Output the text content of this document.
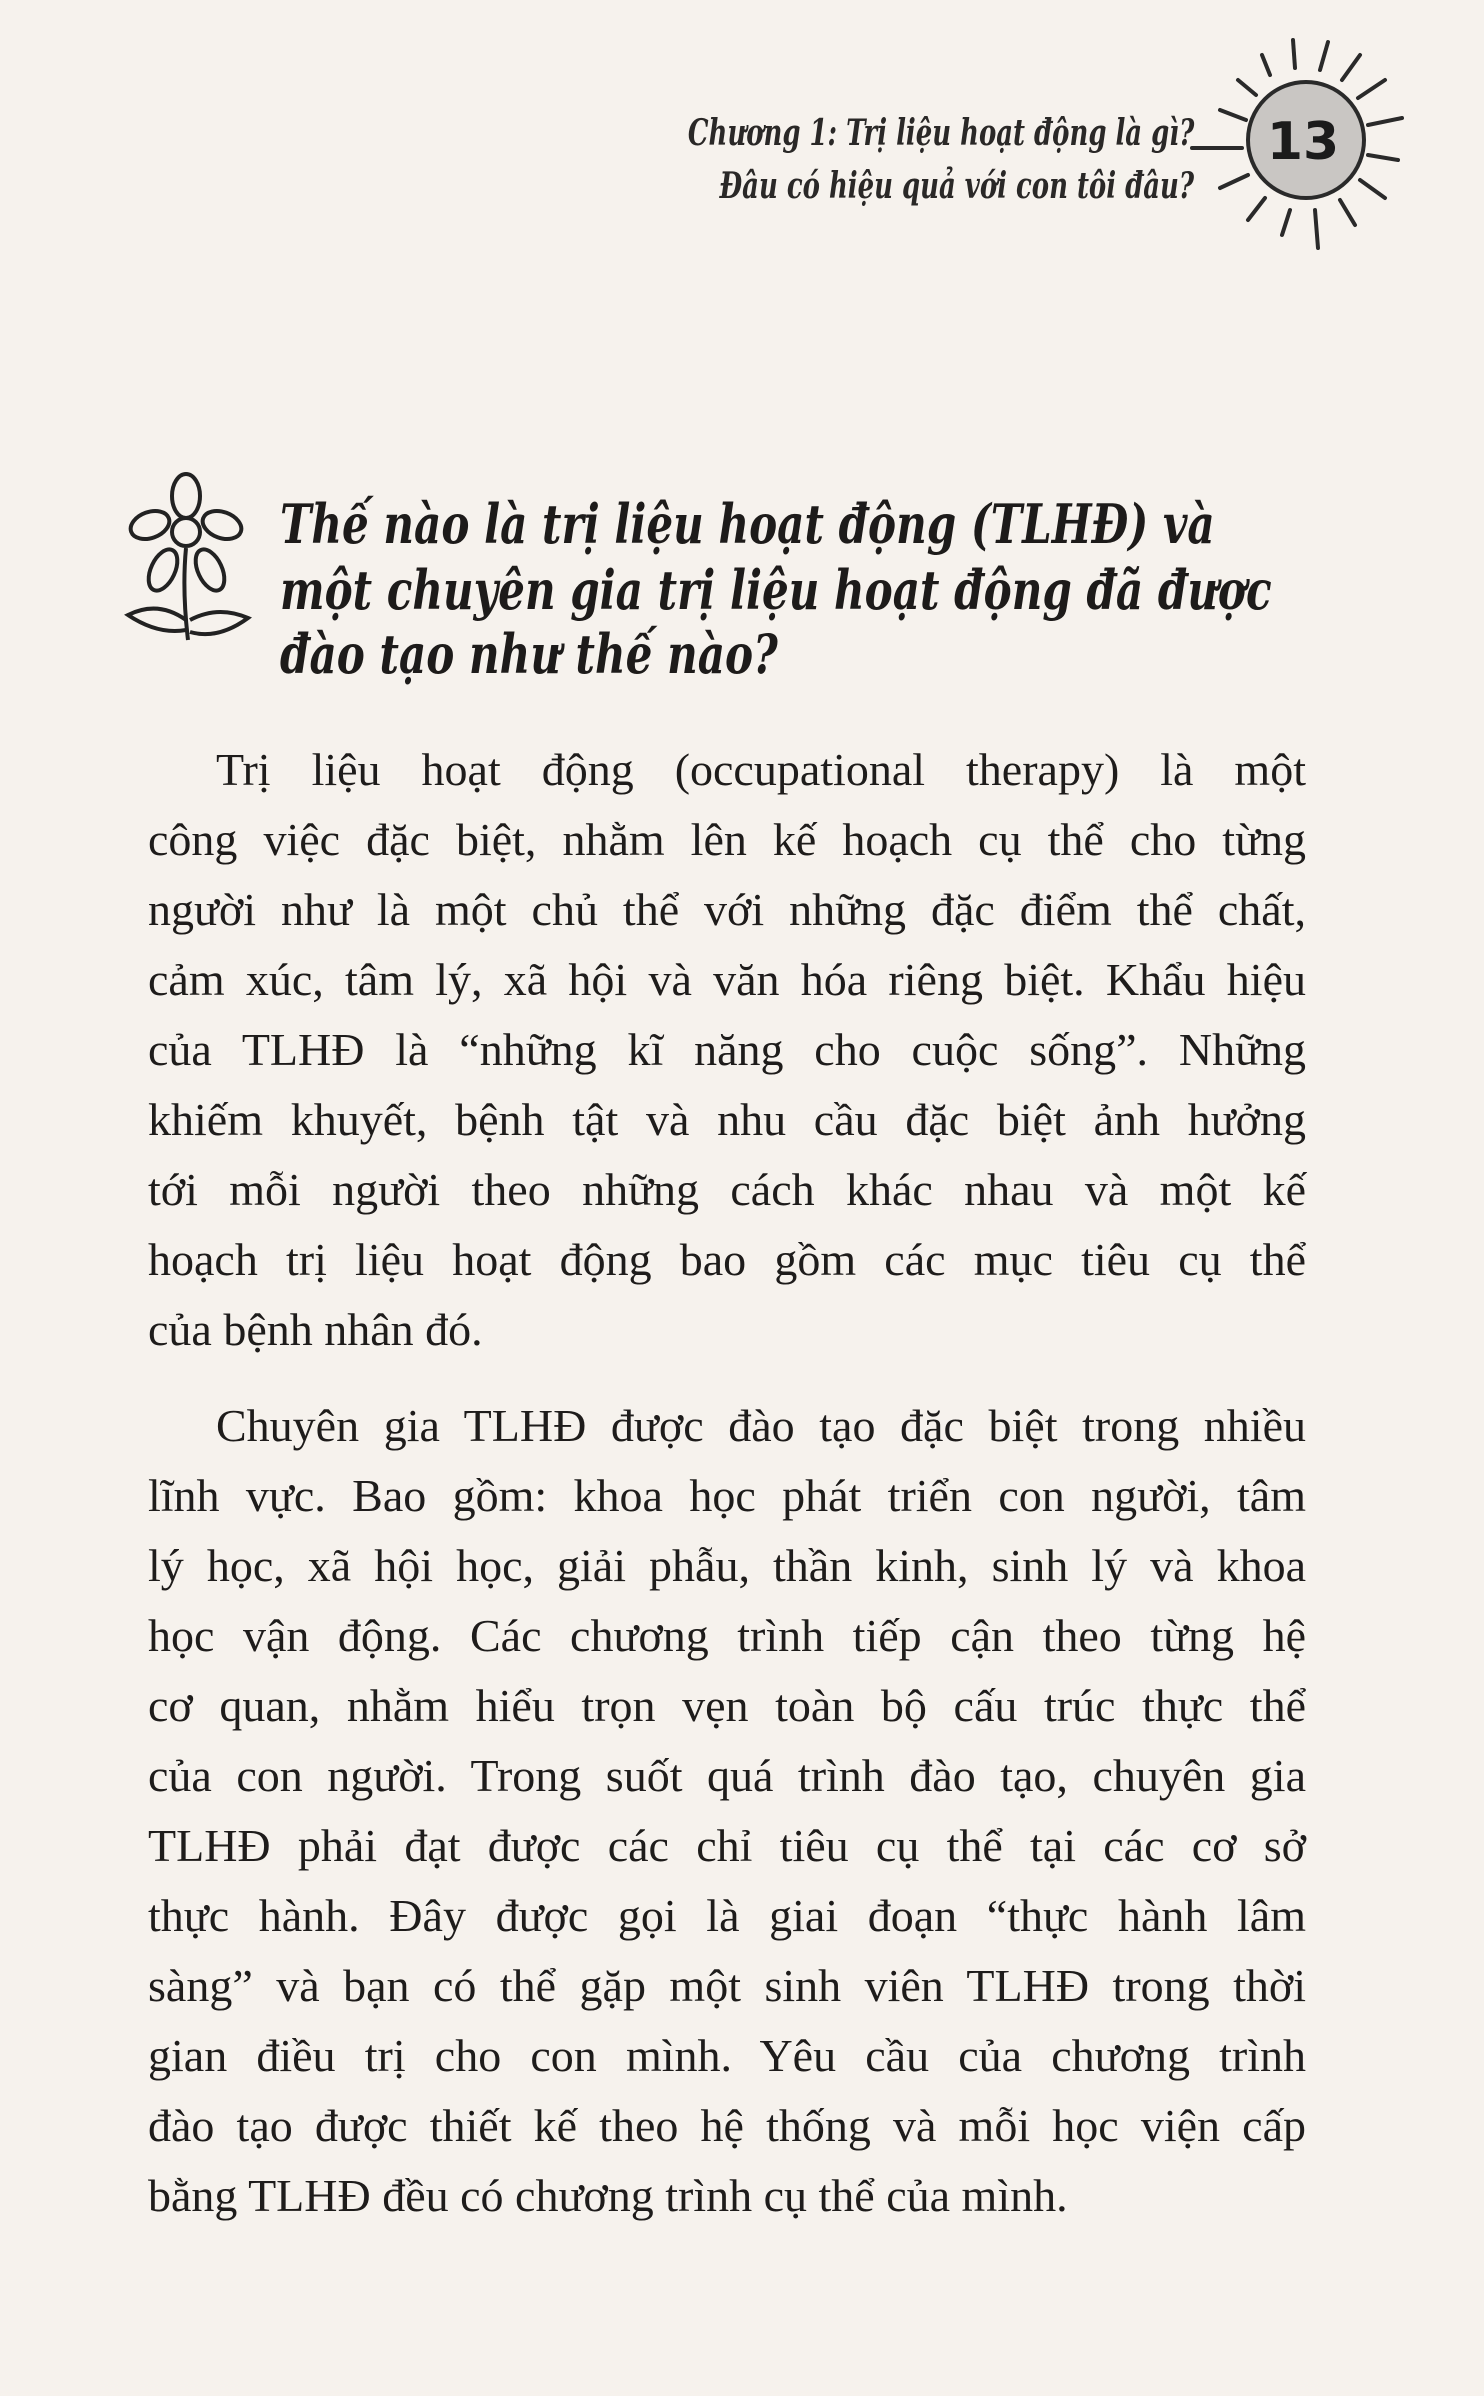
Chương 1: Trị liệu hoạt động là gì?
Đâu có hiệu quả với con tôi đâu?
13
Thế nào là trị liệu hoạt động (TLHĐ) và
một chuyên gia trị liệu hoạt động đã được
đào tạo như thế nào?
Trị liệu hoạt động (occupational therapy) là một
công việc đặc biệt, nhằm lên kế hoạch cụ thể cho từng
người như là một chủ thể với những đặc điểm thể chất,
cảm xúc, tâm lý, xã hội và văn hóa riêng biệt. Khẩu hiệu
của TLHĐ là “những kĩ năng cho cuộc sống”. Những
khiếm khuyết, bệnh tật và nhu cầu đặc biệt ảnh hưởng
tới mỗi người theo những cách khác nhau và một kế
hoạch trị liệu hoạt động bao gồm các mục tiêu cụ thể
của bệnh nhân đó.
Chuyên gia TLHĐ được đào tạo đặc biệt trong nhiều
lĩnh vực. Bao gồm: khoa học phát triển con người, tâm
lý học, xã hội học, giải phẫu, thần kinh, sinh lý và khoa
học vận động. Các chương trình tiếp cận theo từng hệ
cơ quan, nhằm hiểu trọn vẹn toàn bộ cấu trúc thực thể
của con người. Trong suốt quá trình đào tạo, chuyên gia
TLHĐ phải đạt được các chỉ tiêu cụ thể tại các cơ sở
thực hành. Đây được gọi là giai đoạn “thực hành lâm
sàng” và bạn có thể gặp một sinh viên TLHĐ trong thời
gian điều trị cho con mình. Yêu cầu của chương trình
đào tạo được thiết kế theo hệ thống và mỗi học viện cấp
bằng TLHĐ đều có chương trình cụ thể của mình.
